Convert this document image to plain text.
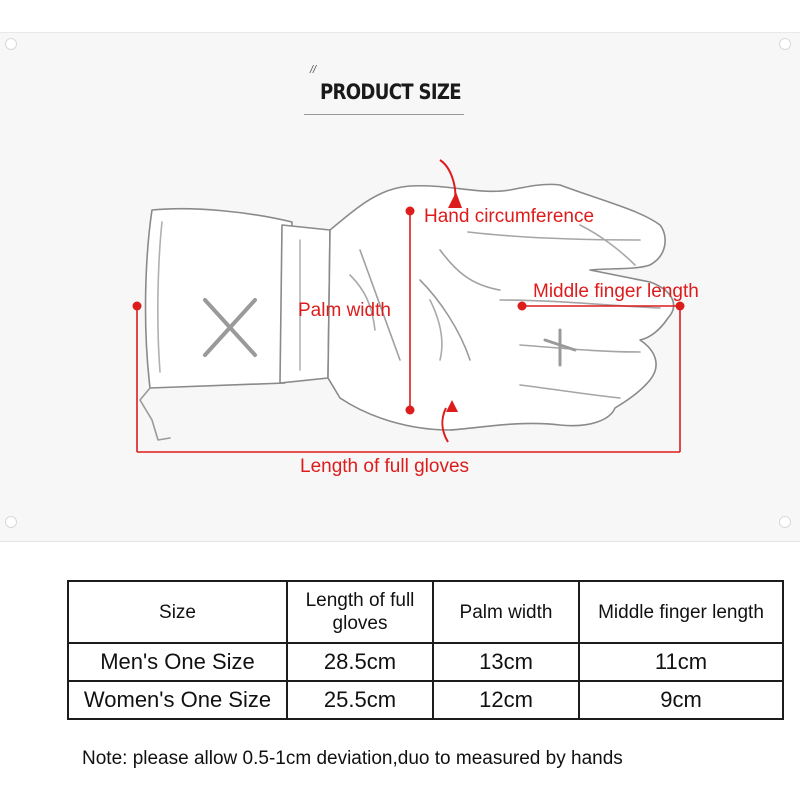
//
PRODUCT SIZE
Hand circumference
Palm width
Middle finger length
Length of full gloves
Size	Length of full gloves	Palm width	Middle finger length
Men's One Size	28.5cm	13cm	11cm
Women's One Size	25.5cm	12cm	9cm
Note: please allow 0.5-1cm deviation,duo to measured by hands
